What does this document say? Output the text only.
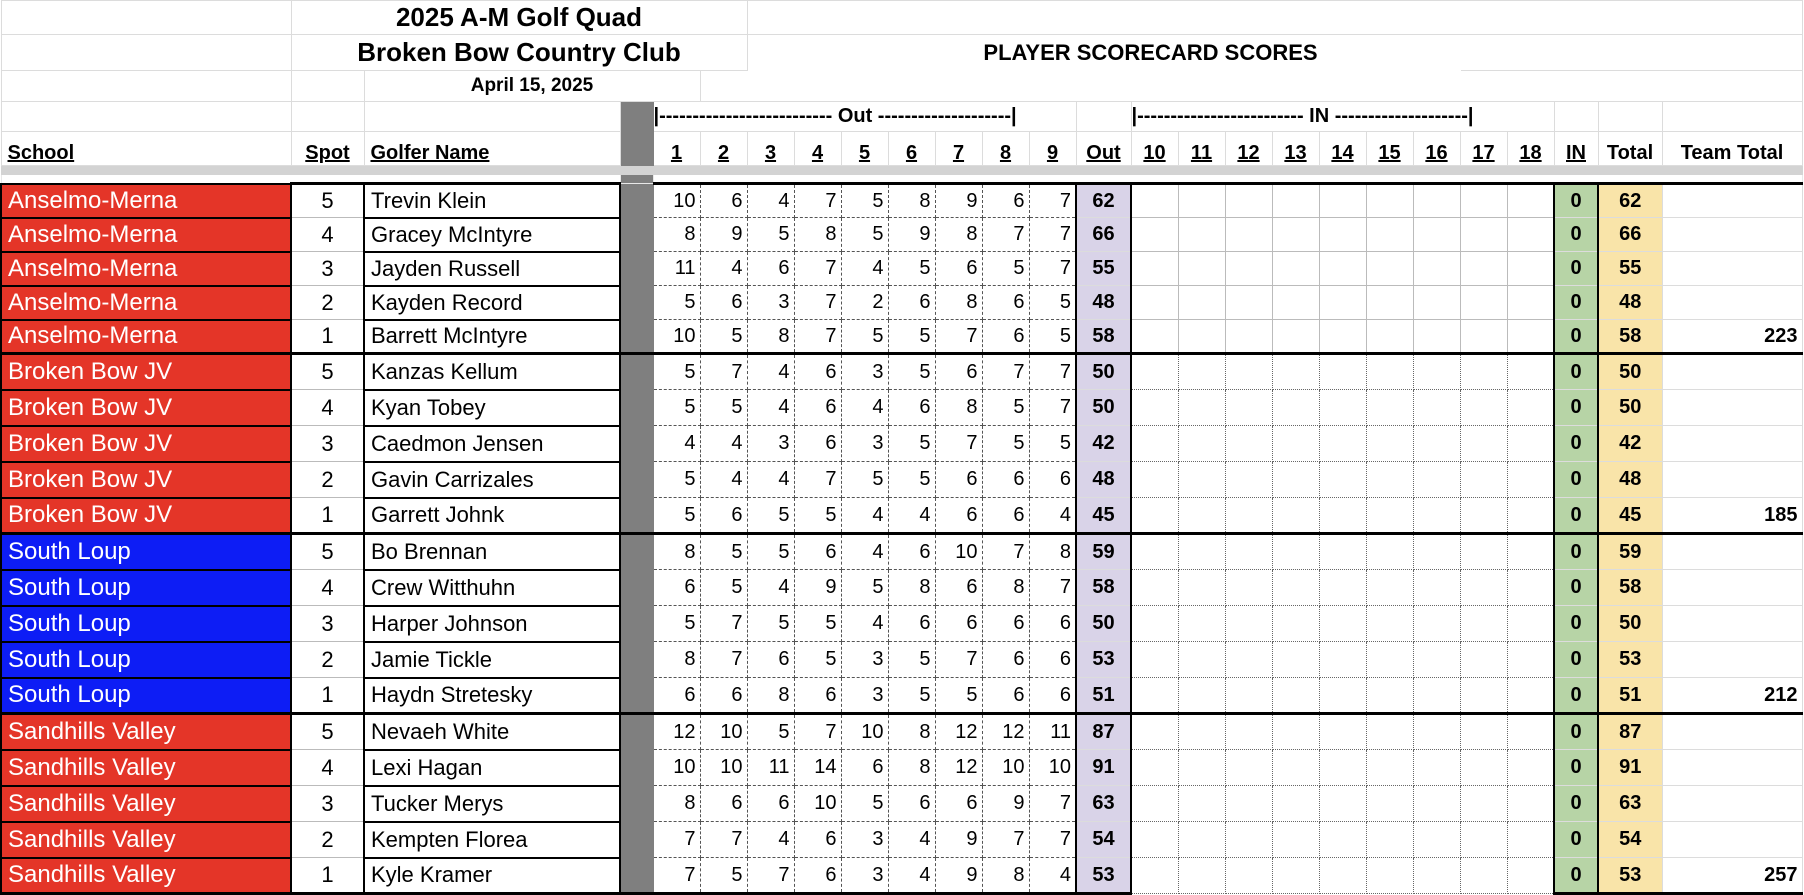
	2025 A-M Golf Quad																								
	Broken Bow Country Club							PLAYER SCORECARD SCORES																	
		April 15, 2025																							
				|-------------------------- Out --------------------|										|------------------------- IN --------------------|											
School	Spot	Golfer Name		1	2	3	4	5	6	7	8	9	Out	10	11	12	13	14	15	16	17	18	IN	Total	Team Total

Anselmo-Merna	5	Trevin Klein		10	6	4	7	5	8	9	6	7	62										0	62	
Anselmo-Merna	4	Gracey McIntyre		8	9	5	8	5	9	8	7	7	66										0	66	
Anselmo-Merna	3	Jayden Russell		11	4	6	7	4	5	6	5	7	55										0	55	
Anselmo-Merna	2	Kayden Record		5	6	3	7	2	6	8	6	5	48										0	48	
Anselmo-Merna	1	Barrett McIntyre		10	5	8	7	5	5	7	6	5	58										0	58	223
Broken Bow JV	5	Kanzas Kellum		5	7	4	6	3	5	6	7	7	50										0	50	
Broken Bow JV	4	Kyan Tobey		5	5	4	6	4	6	8	5	7	50										0	50	
Broken Bow JV	3	Caedmon Jensen		4	4	3	6	3	5	7	5	5	42										0	42	
Broken Bow JV	2	Gavin Carrizales		5	4	4	7	5	5	6	6	6	48										0	48	
Broken Bow JV	1	Garrett Johnk		5	6	5	5	4	4	6	6	4	45										0	45	185
South Loup	5	Bo Brennan		8	5	5	6	4	6	10	7	8	59										0	59	
South Loup	4	Crew Witthuhn		6	5	4	9	5	8	6	8	7	58										0	58	
South Loup	3	Harper Johnson		5	7	5	5	4	6	6	6	6	50										0	50	
South Loup	2	Jamie Tickle		8	7	6	5	3	5	7	6	6	53										0	53	
South Loup	1	Haydn Stretesky		6	6	8	6	3	5	5	6	6	51										0	51	212
Sandhills Valley	5	Nevaeh White		12	10	5	7	10	8	12	12	11	87										0	87	
Sandhills Valley	4	Lexi Hagan		10	10	11	14	6	8	12	10	10	91										0	91	
Sandhills Valley	3	Tucker Merys		8	6	6	10	5	6	6	9	7	63										0	63	
Sandhills Valley	2	Kempten Florea		7	7	4	6	3	4	9	7	7	54										0	54	
Sandhills Valley	1	Kyle Kramer		7	5	7	6	3	4	9	8	4	53										0	53	257
